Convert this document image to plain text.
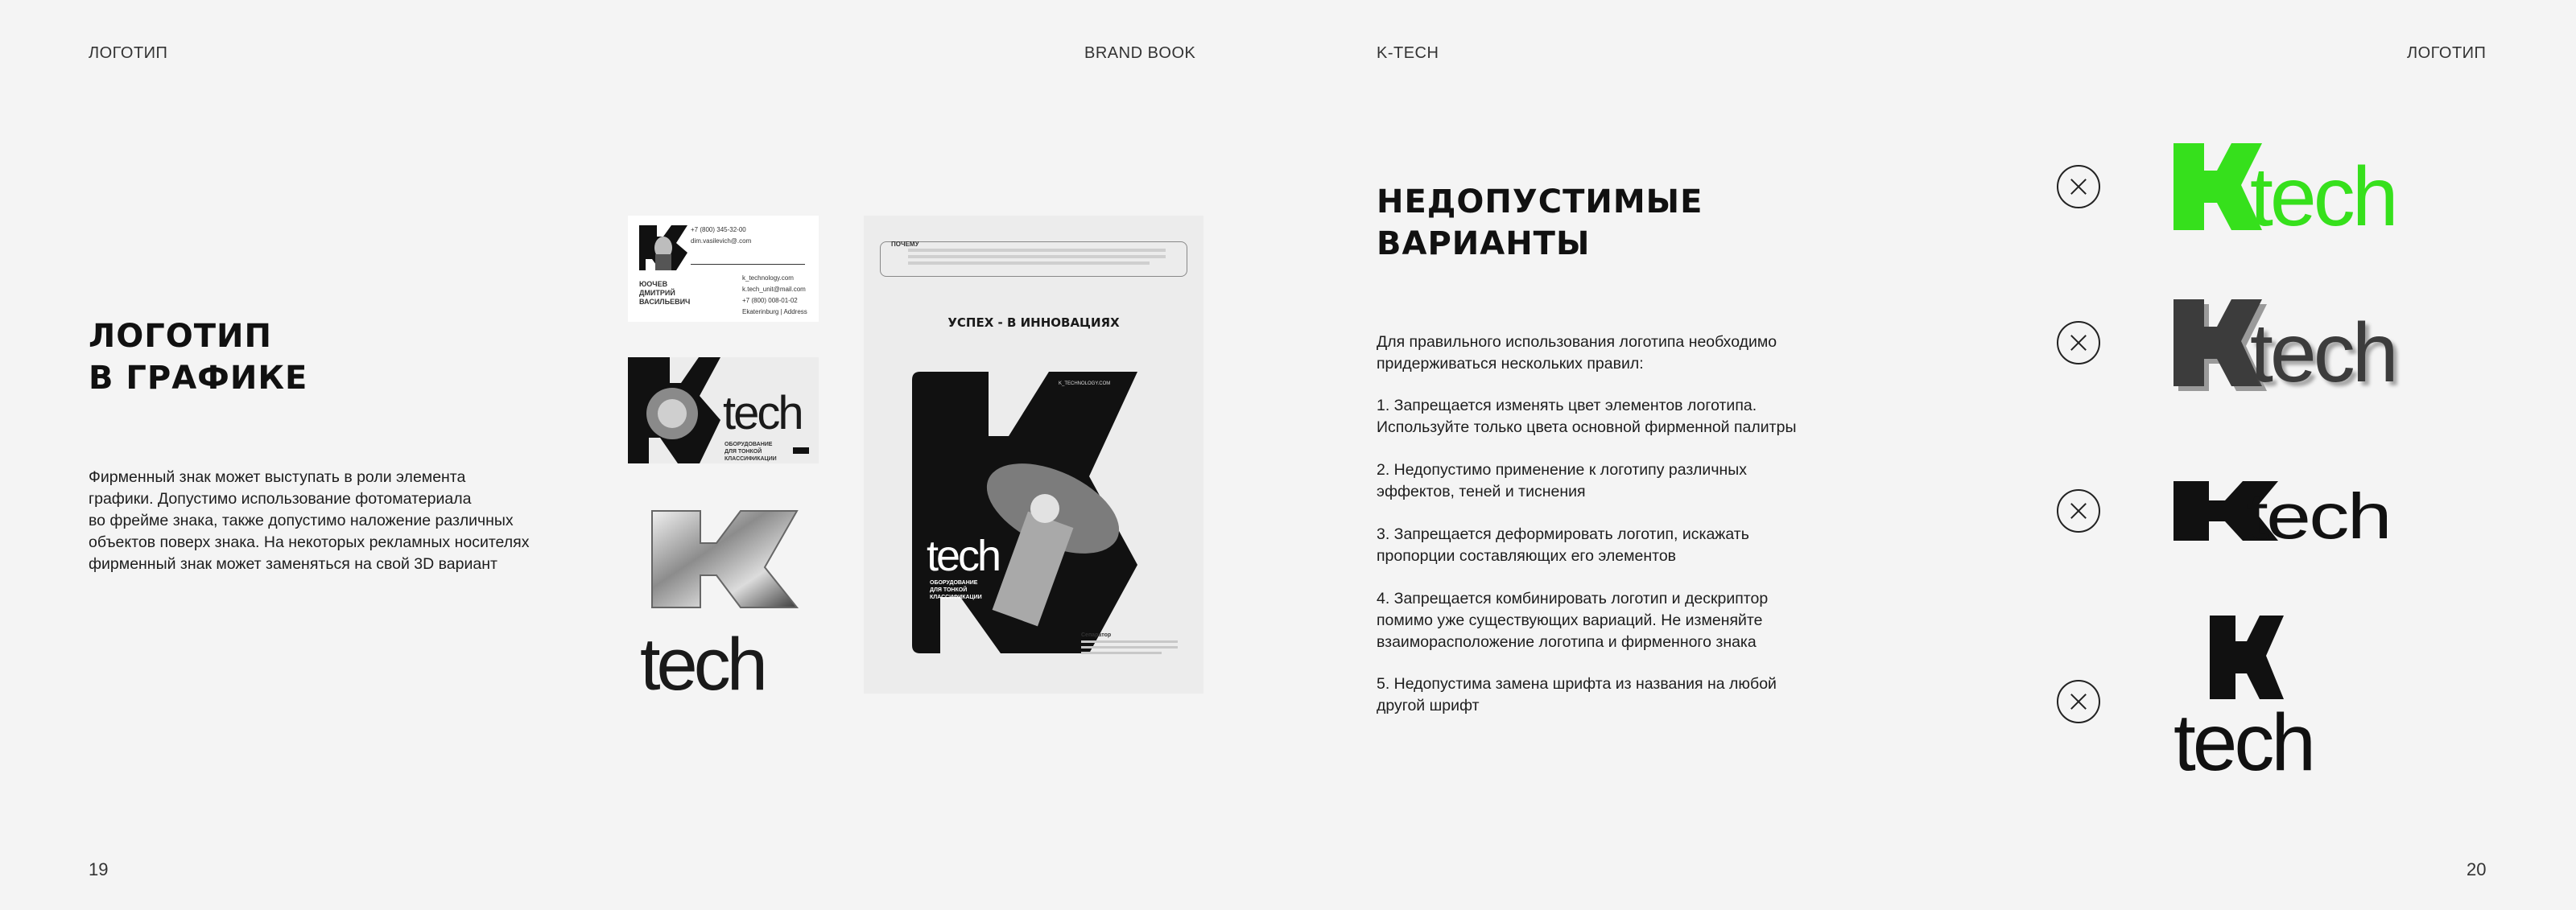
ЛОГОТИП	BRAND BOOK
ЛОГОТИП
В ГРАФИКЕ
Фирменный знак может выступать в роли элемента
графики. Допустимо использование фотоматериала
во фрейме знака, также допустимо наложение различных
объектов поверх знака. На некоторых рекламных носителях
фирменный знак может заменяться на свой 3D вариант
19
+7 (800) 345-32-00
dim.vasilevich@.com
ЮОЧЕВ
ДМИТРИЙ
ВАСИЛЬЕВИЧ
k_technology.com
k.tech_unit@mail.com
+7 (800) 008-01-02
Ekaterinburg | Address
tech
ОБОРУДОВАНИЕ
ДЛЯ ТОНКОЙ
КЛАССИФИКАЦИИ
tech
ПОЧЕМУ
УСПЕХ - В ИННОВАЦИЯХ
K_TECHNOLOGY.COM
tech
ОБОРУДОВАНИЕ
ДЛЯ ТОНКОЙ
КЛАССИФИКАЦИИ
Сепаратор
K-TECH	ЛОГОТИП
НЕДОПУСТИМЫЕ
ВАРИАНТЫ
Для правильного использования логотипа необходимо
придерживаться нескольких правил:
1. Запрещается изменять цвет элементов логотипа.
Используйте только цвета основной фирменной палитры
2. Недопустимо применение к логотипу различных
эффектов, теней и тиснения
3. Запрещается деформировать логотип, искажать
пропорции составляющих его элементов
4. Запрещается комбинировать логотип и дескриптор
помимо уже существующих вариаций. Не изменяйте
взаиморасположение логотипа и фирменного знака
5. Недопустима замена шрифта из названия на любой
другой шрифт
20
tech
tech
tech
tech
